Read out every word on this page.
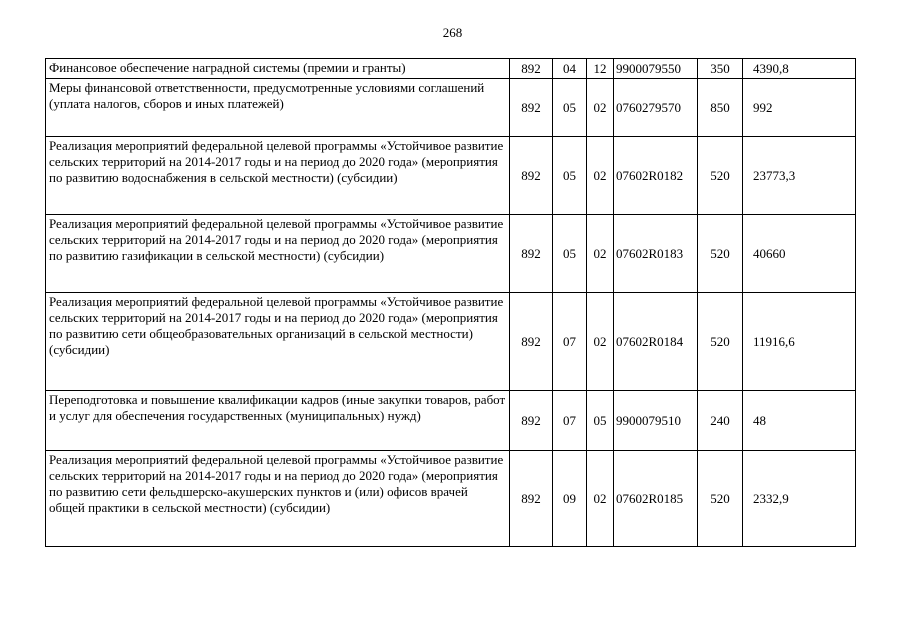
268
Финансовое обеспечение наградной системы (премии и гранты)	892	04	12	9900079550	350	4390,8
Меры финансовой ответственности, предусмотренные условиями соглашений (уплата налогов, сборов и иных платежей)	892	05	02	0760279570	850	992
Реализация мероприятий федеральной целевой программы «Устойчивое развитие сельских территорий на 2014-2017 годы и на период до 2020 года» (мероприятия по развитию водоснабжения в сельской местности) (субсидии)	892	05	02	07602R0182	520	23773,3
Реализация мероприятий федеральной целевой программы «Устойчивое развитие сельских территорий на 2014-2017 годы и на период до 2020 года» (мероприятия по развитию газификации в сельской местности) (субсидии)	892	05	02	07602R0183	520	40660
Реализация мероприятий федеральной целевой программы «Устойчивое развитие сельских территорий на 2014-2017 годы и на период до 2020 года» (мероприятия по развитию сети общеобразовательных организаций в сельской местности) (субсидии)	892	07	02	07602R0184	520	11916,6
Переподготовка и повышение квалификации кадров (иные закупки товаров, работ и услуг для обеспечения государственных (муниципальных) нужд)	892	07	05	9900079510	240	48
Реализация мероприятий федеральной целевой программы «Устойчивое развитие сельских территорий на 2014-2017 годы и на период до 2020 года» (мероприятия по развитию сети фельдшерско-акушерских пунктов и (или) офисов врачей общей практики в сельской местности) (субсидии)	892	09	02	07602R0185	520	2332,9
